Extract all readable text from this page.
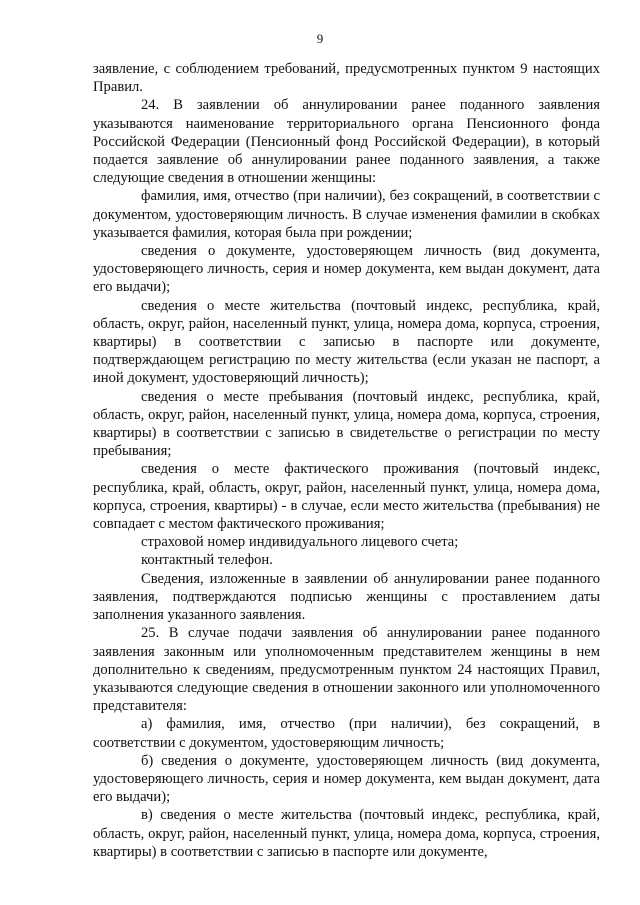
9

заявление, с соблюдением требований, предусмотренных пунктом 9 настоящих Правил.

24. В заявлении об аннулировании ранее поданного заявления указываются наименование территориального органа Пенсионного фонда Российской Федерации (Пенсионный фонд Российской Федерации), в который подается заявление об аннулировании ранее поданного заявления, а также следующие сведения в отношении женщины:

фамилия, имя, отчество (при наличии), без сокращений, в соответствии с документом, удостоверяющим личность. В случае изменения фамилии в скобках указывается фамилия, которая была при рождении;

сведения о документе, удостоверяющем личность (вид документа, удостоверяющего личность, серия и номер документа, кем выдан документ, дата его выдачи);

сведения о месте жительства (почтовый индекс, республика, край, область, округ, район, населенный пункт, улица, номера дома, корпуса, строения, квартиры) в соответствии с записью в паспорте или документе, подтверждающем регистрацию по месту жительства (если указан не паспорт, а иной документ, удостоверяющий личность);

сведения о месте пребывания (почтовый индекс, республика, край, область, округ, район, населенный пункт, улица, номера дома, корпуса, строения, квартиры) в соответствии с записью в свидетельстве о регистрации по месту пребывания;

сведения о месте фактического проживания (почтовый индекс, республика, край, область, округ, район, населенный пункт, улица, номера дома, корпуса, строения, квартиры) - в случае, если место жительства (пребывания) не совпадает с местом фактического проживания;

страховой номер индивидуального лицевого счета;

контактный телефон.

Сведения, изложенные в заявлении об аннулировании ранее поданного заявления, подтверждаются подписью женщины с проставлением даты заполнения указанного заявления.

25. В случае подачи заявления об аннулировании ранее поданного заявления законным или уполномоченным представителем женщины в нем дополнительно к сведениям, предусмотренным пунктом 24 настоящих Правил, указываются следующие сведения в отношении законного или уполномоченного представителя:

а) фамилия, имя, отчество (при наличии), без сокращений, в соответствии с документом, удостоверяющим личность;

б) сведения о документе, удостоверяющем личность (вид документа, удостоверяющего личность, серия и номер документа, кем выдан документ, дата его выдачи);

в) сведения о месте жительства (почтовый индекс, республика, край, область, округ, район, населенный пункт, улица, номера дома, корпуса, строения, квартиры) в соответствии с записью в паспорте или документе,
